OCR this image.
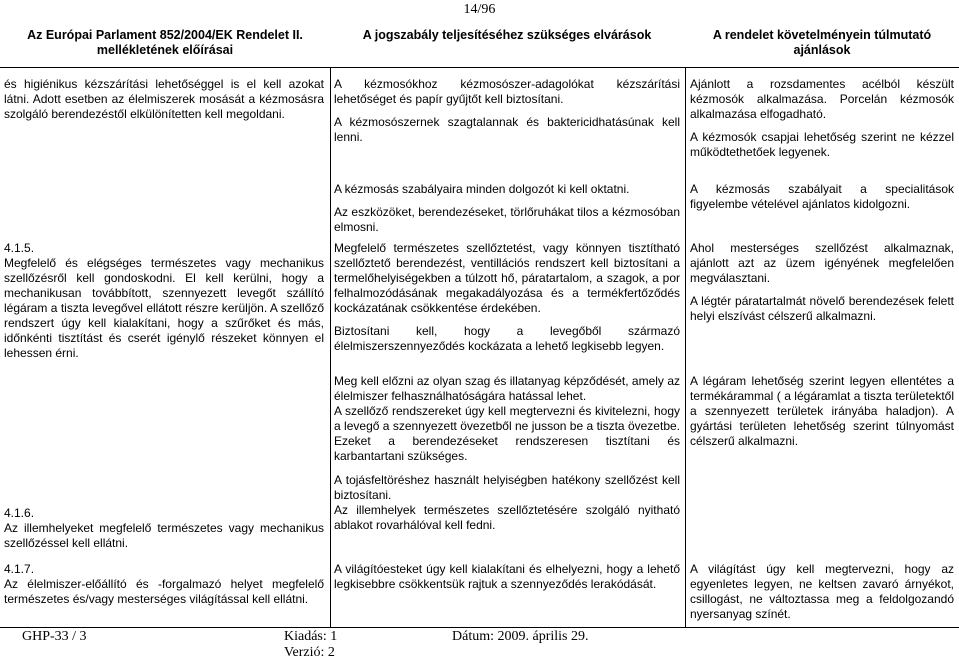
14/96
Az Európai Parlament 852/2004/EK Rendelet II. mellékletének előírásai
A jogszabály teljesítéséhez szükséges elvárások	A rendelet követelményein túlmutató ajánlások

és higiénikus kézszárítási lehetőséggel is el kell azokat látni. Adott esetben az élelmiszerek mosását a kézmosásra szolgáló berendezéstől elkülönítetten kell megoldani.

4.1.5.

Megfelelő és elégséges természetes vagy mechanikus szellőzésről kell gondoskodni. El kell kerülni, hogy a mechanikusan továbbított, szennyezett levegőt szállító légáram a tiszta levegővel ellátott részre kerüljön. A szellőző rendszert úgy kell kialakítani, hogy a szűrőket és más, időnkénti tisztítást és cserét igénylő részeket könnyen el lehessen érni.

4.1.6.

Az illemhelyeket megfelelő természetes vagy mechanikus szellőzéssel kell ellátni.

4.1.7.

Az élelmiszer-előállító és -forgalmazó helyet megfelelő természetes és/vagy mesterséges világítással kell ellátni.

A kézmosókhoz kézmosószer-adagolókat kézszárítási lehetőséget és papír gyűjtőt kell biztosítani.

A kézmosószernek szagtalannak és baktericidhatásúnak kell lenni.

A kézmosás szabályaira minden dolgozót ki kell oktatni.

Az eszközöket, berendezéseket, törlőruhákat tilos a kézmosóban elmosni.

Megfelelő természetes szellőztetést, vagy könnyen tisztítható szellőztető berendezést, ventillációs rendszert kell biztosítani a termelőhelyiségekben a túlzott hő, páratartalom, a szagok, a por felhalmozódásának megakadályozása és a termékfertőződés kockázatának csökkentése érdekében.

Biztosítani kell, hogy a levegőből származó élelmiszerszennyeződés kockázata a lehető legkisebb legyen.

Meg kell előzni az olyan szag és illatanyag képződését, amely az élelmiszer felhasználhatóságára hatással lehet.

A szellőző rendszereket úgy kell megtervezni és kivitelezni, hogy a levegő a szennyezett övezetből ne jusson be a tiszta övezetbe. Ezeket a berendezéseket rendszeresen tisztítani és karbantartani szükséges.

A tojásfeltöréshez használt helyiségben hatékony szellőzést kell biztosítani.

Az illemhelyek természetes szellőztetésére szolgáló nyitható ablakot rovarhálóval kell fedni.

A világítóesteket úgy kell kialakítani és elhelyezni, hogy a lehető legkisebbre csökkentsük rajtuk a szennyeződés lerakódását.

Ajánlott a rozsdamentes acélból készült kézmosók alkalmazása. Porcelán kézmosók alkalmazása elfogadható.

A kézmosók csapjai lehetőség szerint ne kézzel működtethetőek legyenek.

A kézmosás szabályait a specialitások figyelembe vételével ajánlatos kidolgozni.

Ahol mesterséges szellőzést alkalmaznak, ajánlott azt az üzem igényének megfelelően megválasztani.

A légtér páratartalmát növelő berendezések felett helyi elszívást célszerű alkalmazni.

A légáram lehetőség szerint legyen ellentétes a termékárammal ( a légáramlat a tiszta területektől a szennyezett területek irányába haladjon). A gyártási területen lehetőség szerint túlnyomást célszerű alkalmazni.

A világítást úgy kell megtervezni, hogy az egyenletes legyen, ne keltsen zavaró árnyékot, csillogást, ne változtassa meg a feldolgozandó nyersanyag színét.

GHP-33 / 3	Kiadás: 1
Verzió: 2
Dátum: 2009. április 29.
